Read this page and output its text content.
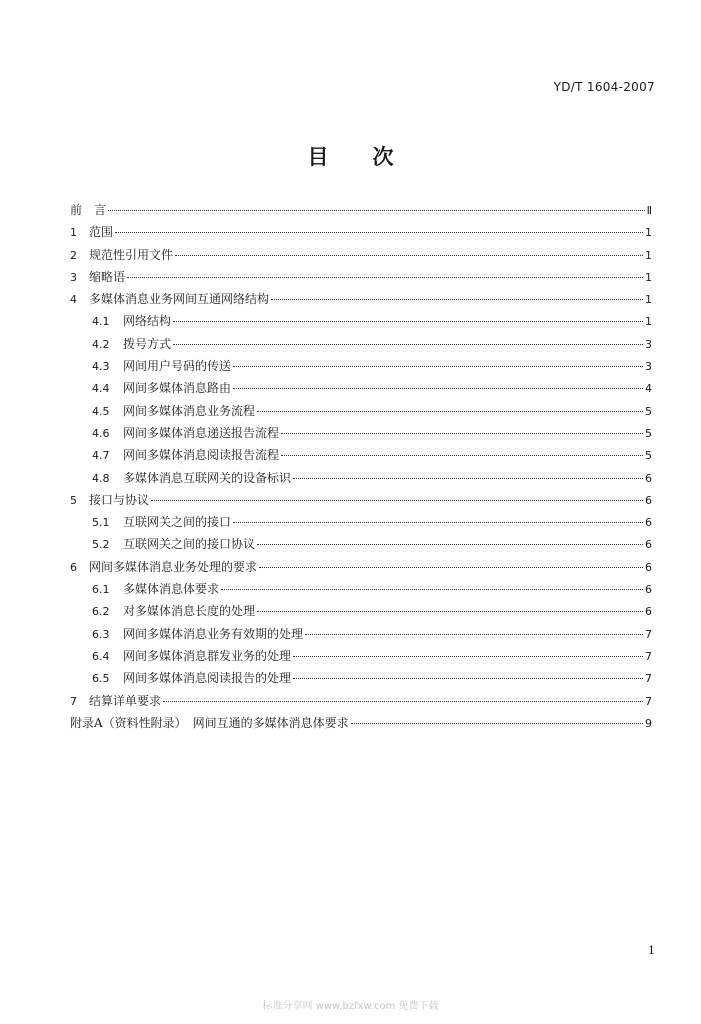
YD/T 1604-2007
目 次
前　言	Ⅱ
1	范围	1
2	规范性引用文件	1
3	缩略语	1
4	多媒体消息业务网间互通网络结构	1
4.1	网络结构	1
4.2	拨号方式	3
4.3	网间用户号码的传送	3
4.4	网间多媒体消息路由	4
4.5	网间多媒体消息业务流程	5
4.6	网间多媒体消息递送报告流程	5
4.7	网间多媒体消息阅读报告流程	5
4.8	多媒体消息互联网关的设备标识	6
5	接口与协议	6
5.1	互联网关之间的接口	6
5.2	互联网关之间的接口协议	6
6	网间多媒体消息业务处理的要求	6
6.1	多媒体消息体要求	6
6.2	对多媒体消息长度的处理	6
6.3	网间多媒体消息业务有效期的处理	7
6.4	网间多媒体消息群发业务的处理	7
6.5	网间多媒体消息阅读报告的处理	7
7	结算详单要求	7
附录A（资料性附录）　网间互通的多媒体消息体要求	9
1
标准分享网 www.bzfxw.com 免费下载
